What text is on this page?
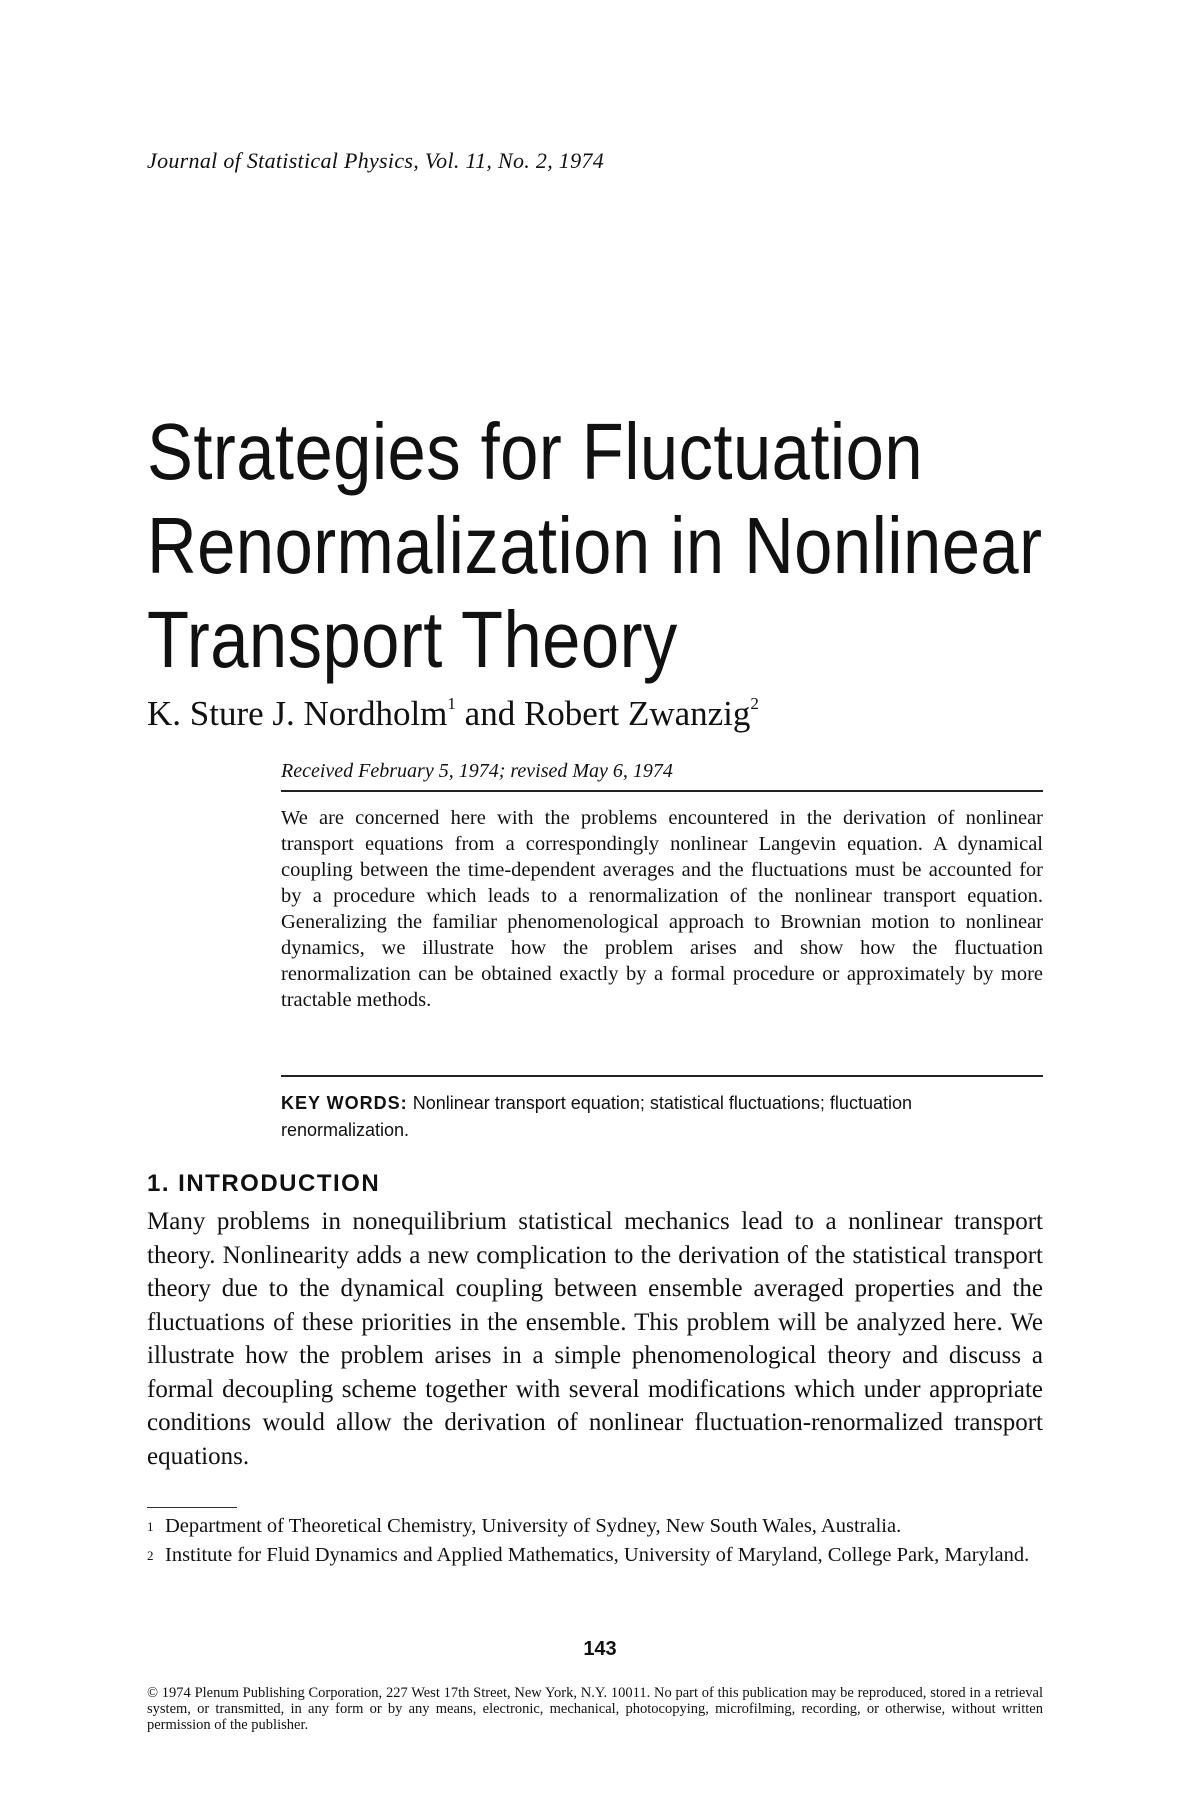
Journal of Statistical Physics, Vol. 11, No. 2, 1974
Strategies for Fluctuation
Renormalization in Nonlinear
Transport Theory
K. Sture J. Nordholm$^1$ and Robert Zwanzig$^2$
Received February 5, 1974; revised May 6, 1974
We are concerned here with the problems encountered in the derivation of nonlinear transport equations from a correspondingly nonlinear Langevin equation. A dynamical coupling between the time-dependent averages and the fluctuations must be accounted for by a procedure which leads to a renormalization of the nonlinear transport equation. Generalizing the familiar phenomenological approach to Brownian motion to nonlinear dynamics, we illustrate how the problem arises and show how the fluctuation renormalization can be obtained exactly by a formal procedure or approximately by more tractable methods.
KEY WORDS: Nonlinear transport equation; statistical fluctuations; fluctuation renormalization.
1. INTRODUCTION
Many problems in nonequilibrium statistical mechanics lead to a nonlinear transport theory. Nonlinearity adds a new complication to the derivation of the statistical transport theory due to the dynamical coupling between ensemble averaged properties and the fluctuations of these priorities in the ensemble. This problem will be analyzed here. We illustrate how the problem arises in a simple phenomenological theory and discuss a formal decoupling scheme together with several modifications which under appropriate conditions would allow the derivation of nonlinear fluctuation-renormalized transport equations.
1 Department of Theoretical Chemistry, University of Sydney, New South Wales, Australia.
2 Institute for Fluid Dynamics and Applied Mathematics, University of Maryland, College Park, Maryland.
143
© 1974 Plenum Publishing Corporation, 227 West 17th Street, New York, N.Y. 10011. No part of this publication may be reproduced, stored in a retrieval system, or transmitted, in any form or by any means, electronic, mechanical, photocopying, microfilming, recording, or otherwise, without written permission of the publisher.
